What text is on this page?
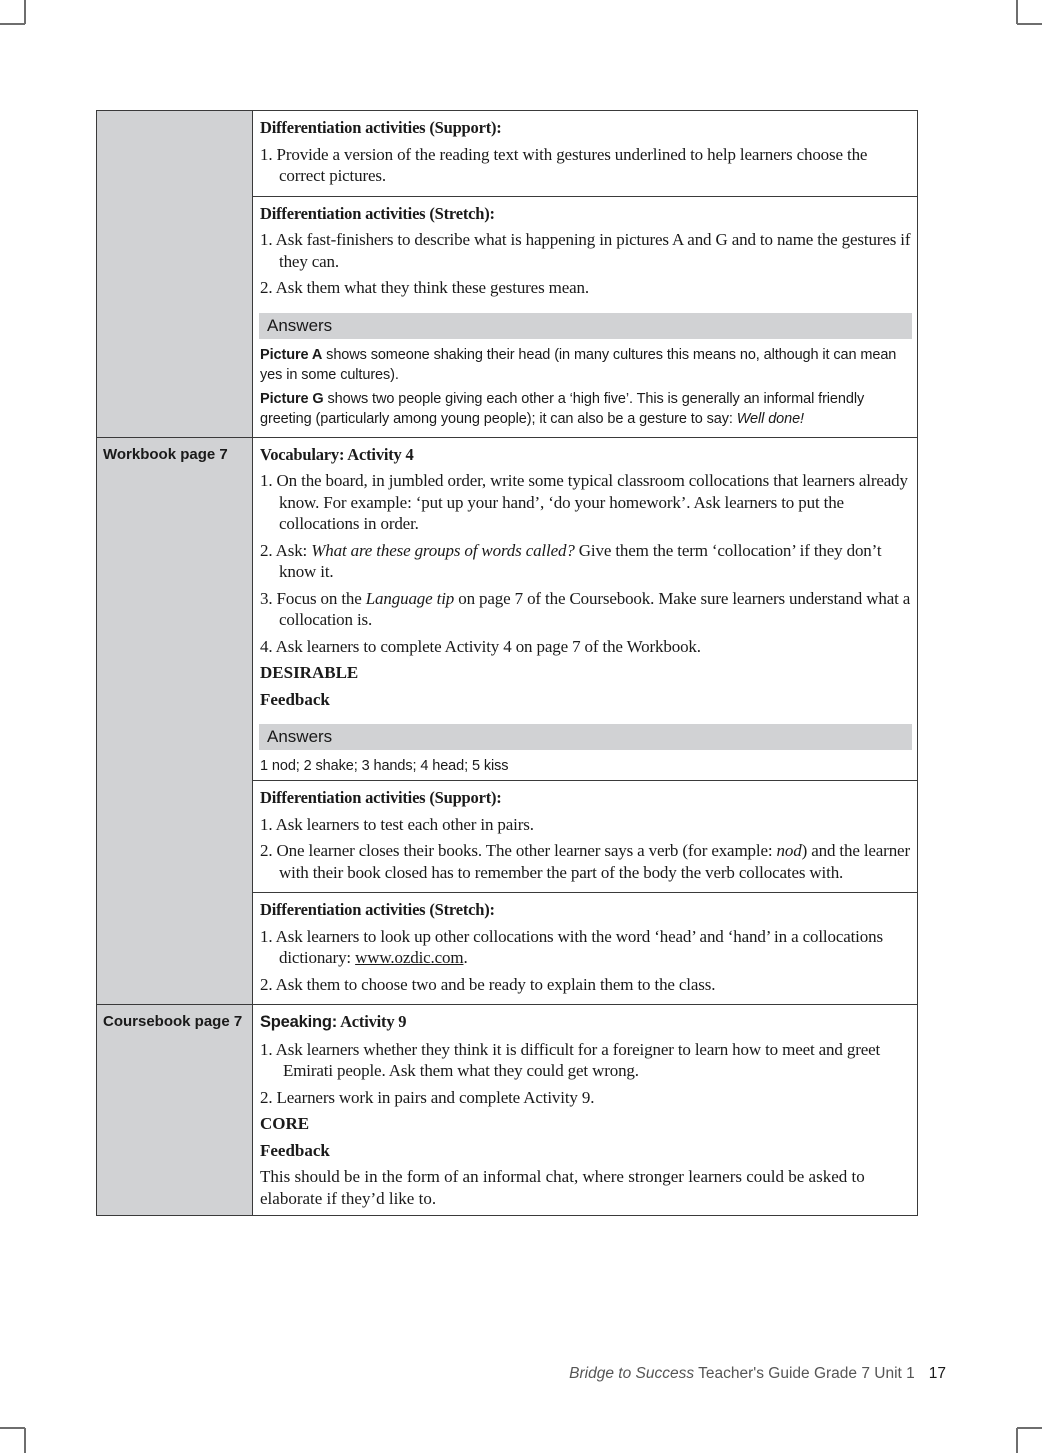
	Differentiation activities (Support):
1. Provide a version of the reading text with gestures underlined to help learners choose the correct pictures.

Differentiation activities (Stretch):
1. Ask fast-finishers to describe what is happening in pictures A and G and to name the gestures if they can.
2. Ask them what they think these gestures mean.
Answers

Picture A shows someone shaking their head (in many cultures this means no, although it can mean yes in some cultures).

Picture G shows two people giving each other a ‘high five’. This is generally an informal friendly greeting (particularly among young people); it can also be a gesture to say: Well done!

Workbook page 7	Vocabulary: Activity 4
1. On the board, in jumbled order, write some typical classroom collocations that learners already know. For example: ‘put up your hand’, ‘do your homework’. Ask learners to put the collocations in order.
2. Ask: What are these groups of words called? Give them the term ‘collocation’ if they don’t know it.
3. Focus on the Language tip on page 7 of the Coursebook. Make sure learners understand what a collocation is.
4. Ask learners to complete Activity 4 on page 7 of the Workbook.
DESIRABLE
Feedback
Answers

1 nod; 2 shake; 3 hands; 4 head; 5 kiss

	Differentiation activities (Support):
1. Ask learners to test each other in pairs.
2. One learner closes their books. The other learner says a verb (for example: nod) and the learner with their book closed has to remember the part of the body the verb collocates with.

	Differentiation activities (Stretch):
1. Ask learners to look up other collocations with the word ‘head’ and ‘hand’ in a collocations dictionary: www.ozdic.com.
2. Ask them to choose two and be ready to explain them to the class.

Coursebook page 7	Speaking: Activity 9
1. Ask learners whether they think it is difficult for a foreigner to learn how to meet and greet Emirati people. Ask them what they could get wrong.
2. Learners work in pairs and complete Activity 9.
CORE
Feedback

This should be in the form of an informal chat, where stronger learners could be asked to elaborate if they’d like to.

Bridge to Success Teacher's Guide Grade 7 Unit 1 17
